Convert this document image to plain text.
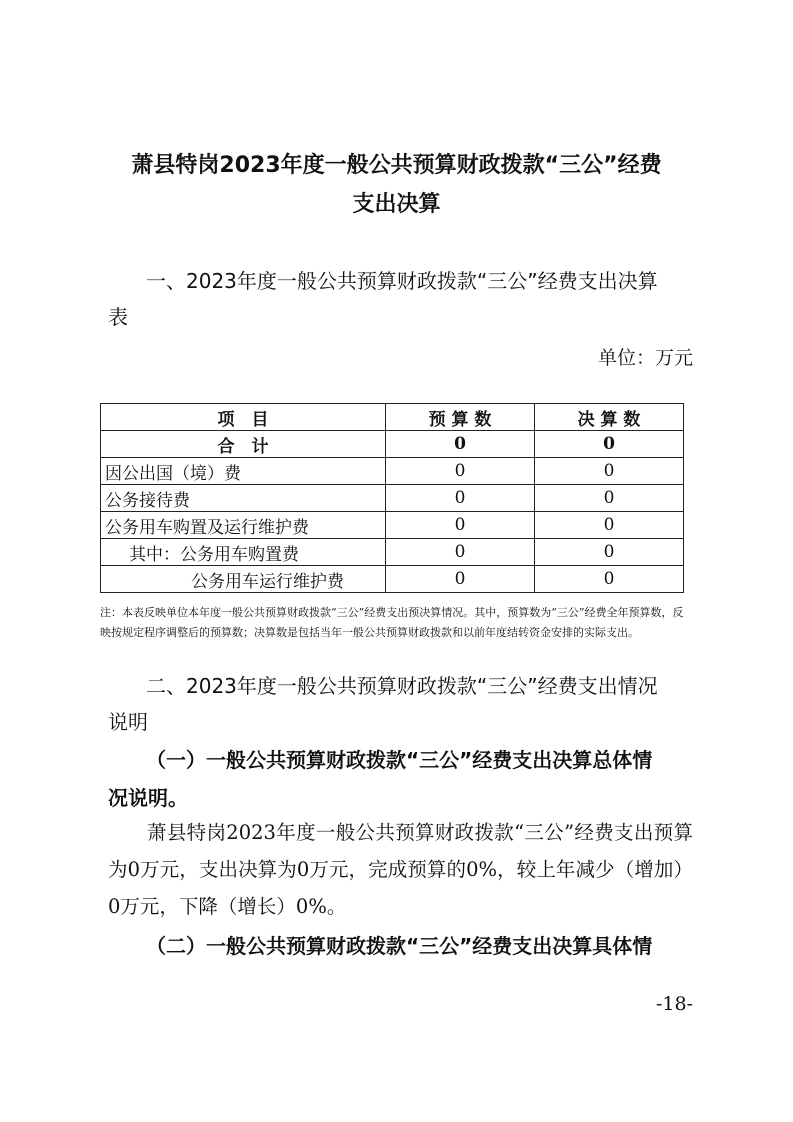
萧县特岗2023年度一般公共预算财政拨款“三公”经费
支出决算
一、2023年度一般公共预算财政拨款“三公”经费支出决算
表
单位：万元
项　目	预 算 数	决 算 数
合　计	0	0
因公出国（境）费	0	0
公务接待费	0	0
公务用车购置及运行维护费	0	0
其中：公务用车购置费	0	0
公务用车运行维护费	0	0
注：本表反映单位本年度一般公共预算财政拨款“三公”经费支出预决算情况。其中，预算数为“三公”经费全年预算数，反映按规定程序调整后的预算数；决算数是包括当年一般公共预算财政拨款和以前年度结转资金安排的实际支出。
二、2023年度一般公共预算财政拨款“三公”经费支出情况
说明
（一）一般公共预算财政拨款“三公”经费支出决算总体情
况说明。
萧县特岗2023年度一般公共预算财政拨款“三公”经费支出预算为0万元，支出决算为0万元，完成预算的0%，较上年减少（增加）0万元，下降（增长）0%。
（二）一般公共预算财政拨款“三公”经费支出决算具体情
-18-
